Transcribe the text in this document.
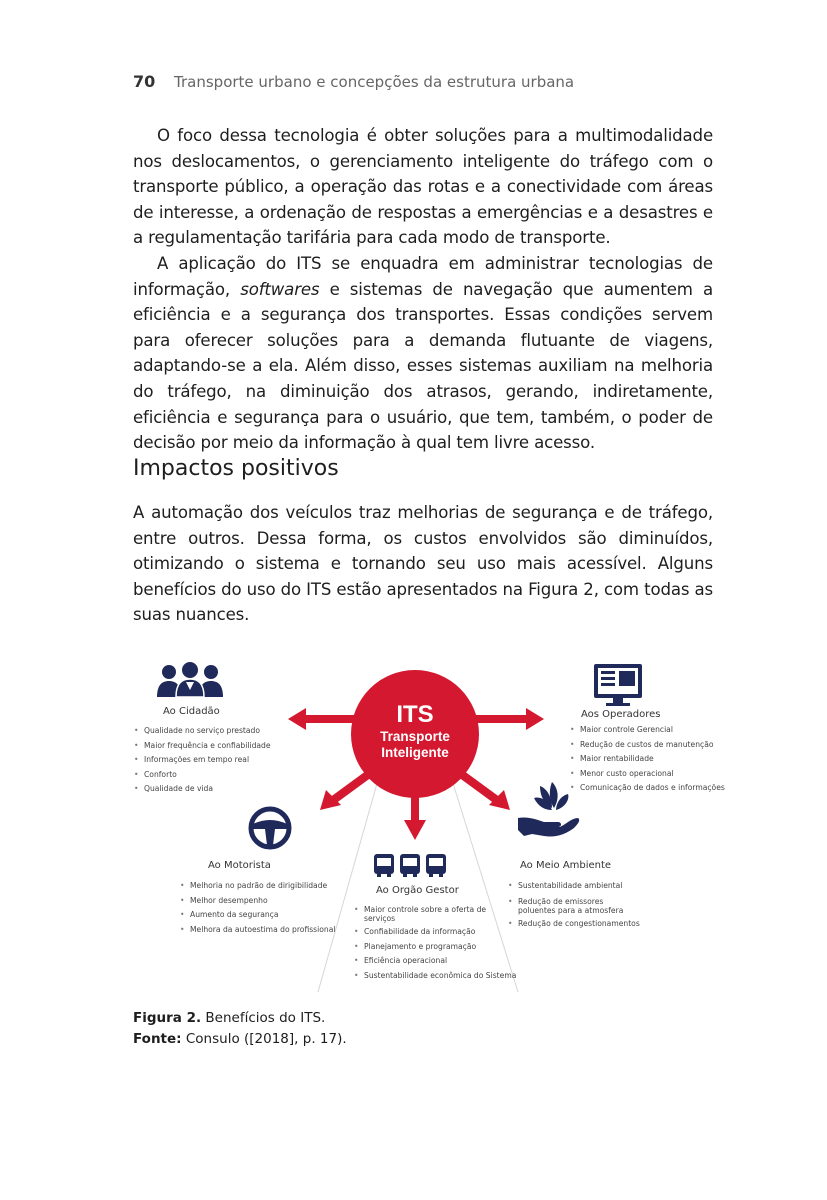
70 Transporte urbano e concepções da estrutura urbana

O foco dessa tecnologia é obter soluções para a multimodalidade nos deslocamentos, o gerenciamento inteligente do tráfego com o transporte público, a operação das rotas e a conectividade com áreas de interesse, a ordenação de respostas a emergências e a desastres e a regulamentação tarifária para cada modo de transporte.

A aplicação do ITS se enquadra em administrar tecnologias de informação, softwares e sistemas de navegação que aumentem a eficiência e a segurança dos transportes. Essas condições servem para oferecer soluções para a demanda flutuante de viagens, adaptando-se a ela. Além disso, esses sistemas auxiliam na melhoria do tráfego, na diminuição dos atrasos, gerando, indiretamente, eficiência e segurança para o usuário, que tem, também, o poder de decisão por meio da informação à qual tem livre acesso.

Impactos positivos

A automação dos veículos traz melhorias de segurança e de tráfego, entre outros. Dessa forma, os custos envolvidos são diminuídos, otimizando o sistema e tornando seu uso mais acessível. Alguns benefícios do uso do ITS estão apresentados na Figura 2, com todas as suas nuances.

ITS
Transporte
Inteligente
Ao Cidadão
• Qualidade no serviço prestado
• Maior frequência e confiabilidade
• Informações em tempo real
• Conforto
• Qualidade de vida
Aos Operadores
• Maior controle Gerencial
• Redução de custos de manutenção
• Maior rentabilidade
• Menor custo operacional
• Comunicação de dados e informações
Ao Motorista
• Melhoria no padrão de dirigibilidade
• Melhor desempenho
• Aumento da segurança
• Melhora da autoestima do profissional
Ao Orgão Gestor
• Maior controle sobre a oferta de serviços
• Confiabilidade da informação
• Planejamento e programação
• Eficiência operacional
• Sustentabilidade econômica do Sistema
Ao Meio Ambiente
• Sustentabilidade ambiental
• Redução de emissores poluentes para a atmosfera
• Redução de congestionamentos
Figura 2. Benefícios do ITS.
Fonte: Consulo ([2018], p. 17).
